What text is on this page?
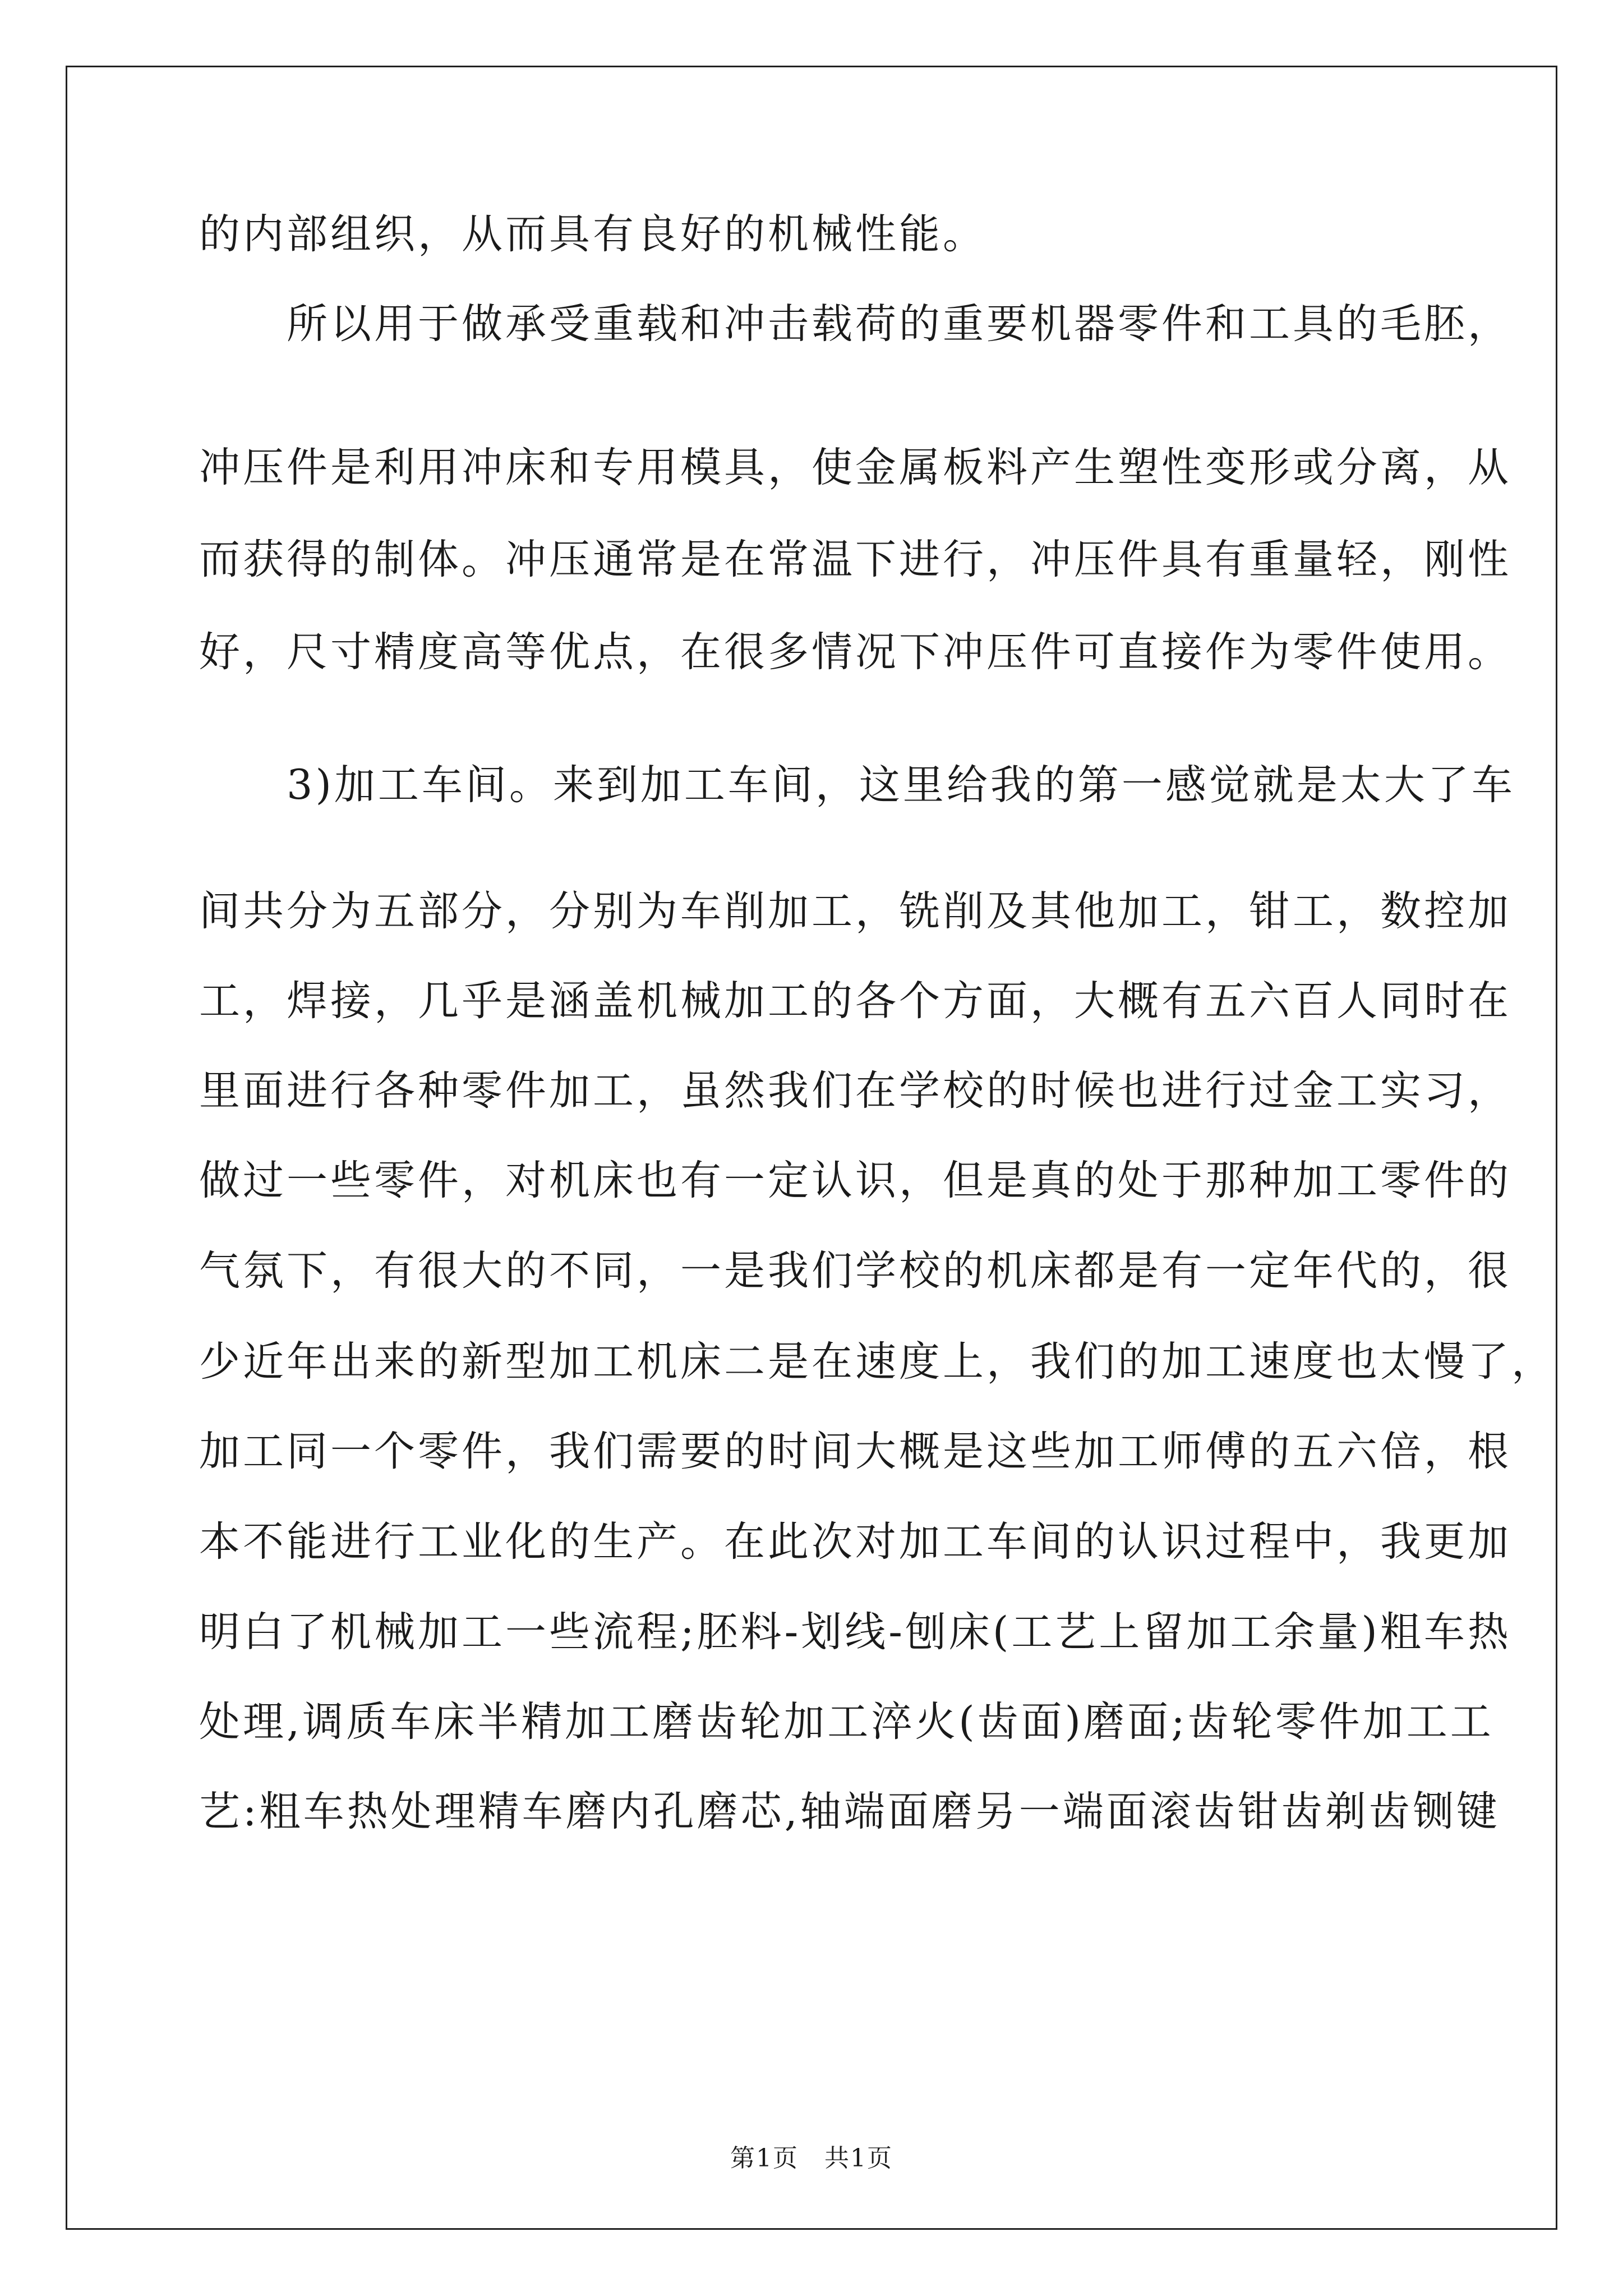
的内部组织，从而具有良好的机械性能。
　　所以用于做承受重载和冲击载荷的重要机器零件和工具的毛胚，
冲压件是利用冲床和专用模具，使金属板料产生塑性变形或分离，从
而获得的制体。冲压通常是在常温下进行，冲压件具有重量轻，刚性
好，尺寸精度高等优点，在很多情况下冲压件可直接作为零件使用。
　　3)加工车间。来到加工车间，这里给我的第一感觉就是太大了车
间共分为五部分，分别为车削加工，铣削及其他加工，钳工，数控加
工，焊接，几乎是涵盖机械加工的各个方面，大概有五六百人同时在
里面进行各种零件加工，虽然我们在学校的时候也进行过金工实习，
做过一些零件，对机床也有一定认识，但是真的处于那种加工零件的
气氛下，有很大的不同，一是我们学校的机床都是有一定年代的，很
少近年出来的新型加工机床二是在速度上，我们的加工速度也太慢了，
加工同一个零件，我们需要的时间大概是这些加工师傅的五六倍，根
本不能进行工业化的生产。在此次对加工车间的认识过程中，我更加
明白了机械加工一些流程;胚料-划线-刨床(工艺上留加工余量)粗车热
处理,调质车床半精加工磨齿轮加工淬火(齿面)磨面;齿轮零件加工工
艺:粗车热处理精车磨内孔磨芯,轴端面磨另一端面滚齿钳齿剃齿铡键
第1页　共1页
